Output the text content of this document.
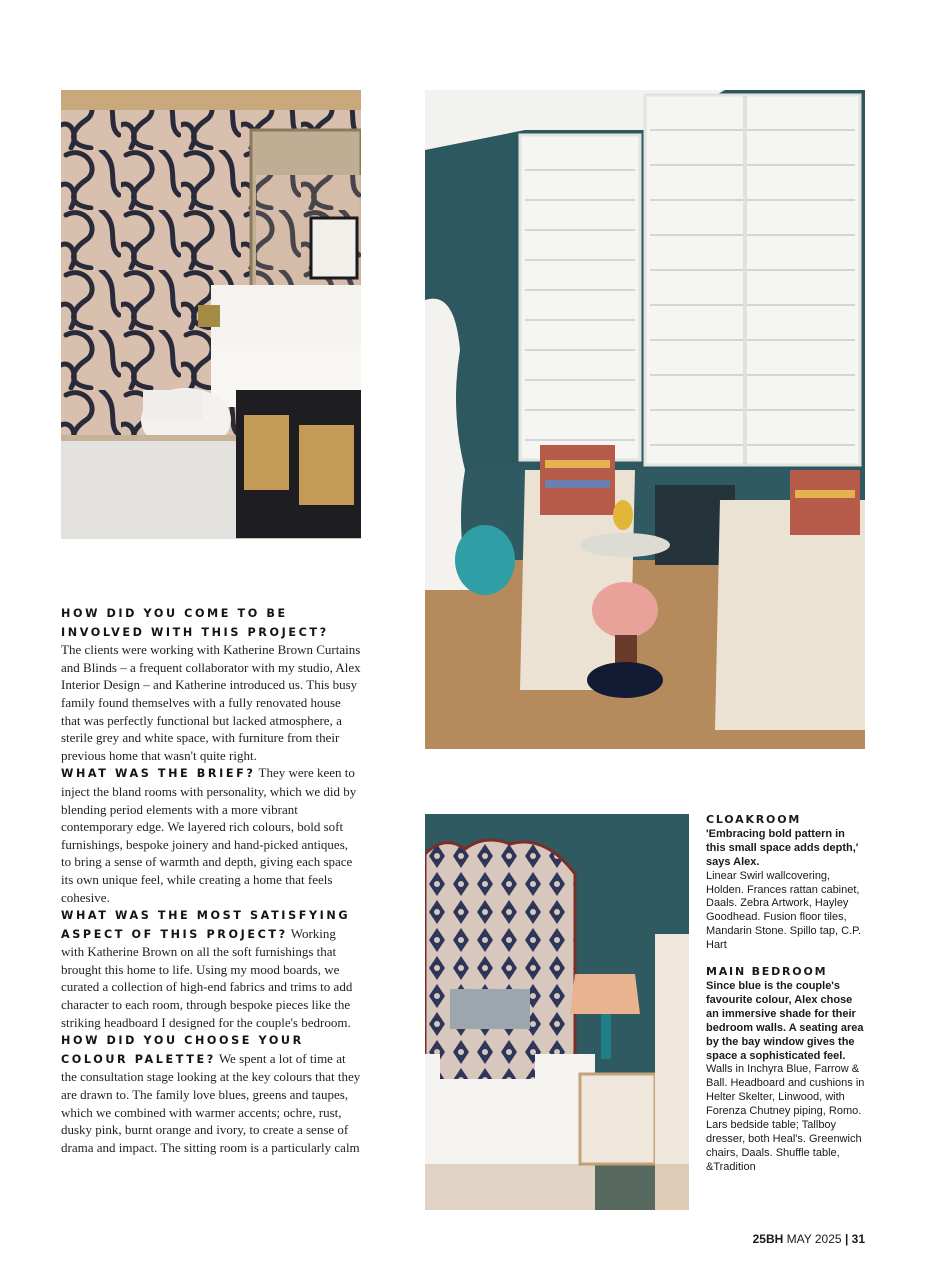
HOW DID YOU COME TO BE INVOLVED WITH THIS PROJECT?

The clients were working with Katherine Brown Curtains and Blinds – a frequent collaborator with my studio, Alex Interior Design – and Katherine introduced us. This busy family found themselves with a fully renovated house that was perfectly functional but lacked atmosphere, a sterile grey and white space, with furniture from their previous home that wasn't quite right.

WHAT WAS THE BRIEF? They were keen to inject the bland rooms with personality, which we did by blending period elements with a more vibrant contemporary edge. We layered rich colours, bold soft furnishings, bespoke joinery and hand-picked antiques, to bring a sense of warmth and depth, giving each space its own unique feel, while creating a home that feels cohesive.

WHAT WAS THE MOST SATISFYING ASPECT OF THIS PROJECT? Working with Katherine Brown on all the soft furnishings that brought this home to life. Using my mood boards, we curated a collection of high-end fabrics and trims to add character to each room, through bespoke pieces like the striking headboard I designed for the couple's bedroom.

HOW DID YOU CHOOSE YOUR COLOUR PALETTE? We spent a lot of time at the consultation stage looking at the key colours that they are drawn to. The family love blues, greens and taupes, which we combined with warmer accents; ochre, rust, dusky pink, burnt orange and ivory, to create a sense of drama and impact. The sitting room is a particularly calm

CLOAKROOM
'Embracing bold pattern in this small space adds depth,' says Alex.
Linear Swirl wallcovering, Holden. Frances rattan cabinet, Daals. Zebra Artwork, Hayley Goodhead. Fusion floor tiles, Mandarin Stone. Spillo tap, C.P. Hart
MAIN BEDROOM
Since blue is the couple's favourite colour, Alex chose an immersive shade for their bedroom walls. A seating area by the bay window gives the space a sophisticated feel.
Walls in Inchyra Blue, Farrow & Ball. Headboard and cushions in Helter Skelter, Linwood, with Forenza Chutney piping, Romo. Lars bedside table; Tallboy dresser, both Heal's. Greenwich chairs, Daals. Shuffle table, &Tradition
25BH MAY 2025 | 31
